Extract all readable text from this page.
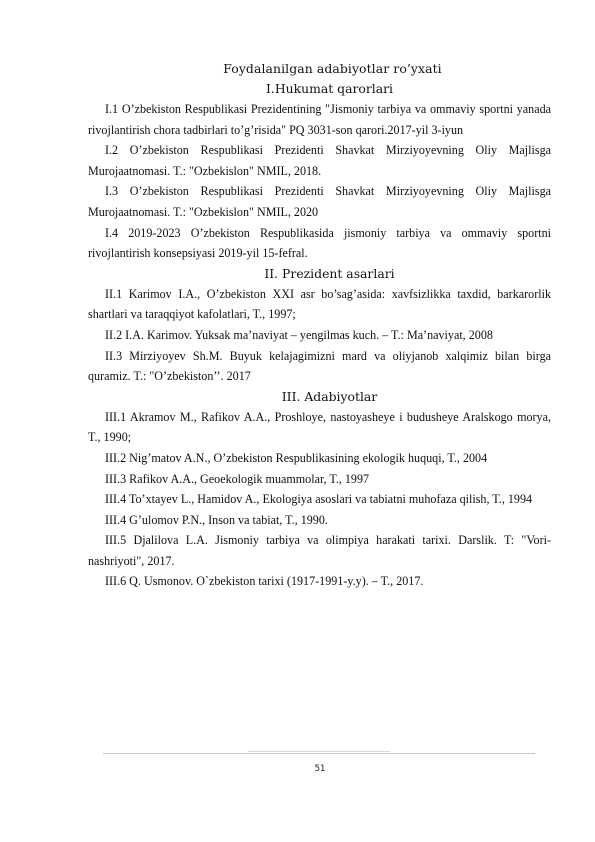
Foydalanilgan adabiyotlar ro’yxati
I.Hukumat qarorlari

I.1 O’zbekiston Respublikasi Prezidentining "Jismoniy tarbiya va ommaviy sportni yanada rivojlantirish chora tadbirlari to’g’risida" PQ 3031-son qarori.2017-yil 3-iyun

I.2 O’zbekiston Respublikasi Prezidenti Shavkat Mirziyoyevning Oliy Majlisga Murojaatnomasi. T.: "Ozbekislon" NMIL, 2018.

I.3 O’zbekiston Respublikasi Prezidenti Shavkat Mirziyoyevning Oliy Majlisga Murojaatnomasi. T.: "Ozbekislon" NMIL, 2020

I.4 2019-2023 O’zbekiston Respublikasida jismoniy tarbiya va ommaviy sportni rivojlantirish konsepsiyasi 2019-yil 15-fefral.

II. Prezident asarlari

II.1 Karimov I.A., O’zbekiston XXI asr bo’sag’asida: xavfsizlikka taxdid, barkarorlik shartlari va taraqqiyot kafolatlari, T., 1997;

II.2 I.A. Karimov. Yuksak ma’naviyat – yengilmas kuch. – T.: Ma’naviyat, 2008

II.3 Mirziyoyev Sh.M. Buyuk kelajagimizni mard va oliyjanob xalqimiz bilan birga quramiz. T.: "O’zbekiston’’. 2017

III. Adabiyotlar

III.1 Akramov M., Rafikov A.A., Proshloye, nastoyasheye i budusheye Aralskogo morya, T., 1990;

III.2 Nig’matov A.N., O’zbekiston Respublikasining ekologik huquqi, T., 2004

III.3 Rafikov A.A., Geoekologik muammolar, T., 1997

III.4 To’xtayev L., Hamidov A., Ekologiya asoslari va tabiatni muhofaza qilish, T., 1994

III.4 G’ulomov P.N., Inson va tabiat, T., 1990.

III.5 Djalilova L.A. Jismoniy tarbiya va olimpiya harakati tarixi. Darslik. T: "Vori-nashriyoti", 2017.

III.6 Q. Usmonov. O`zbekiston tarixi (1917-1991-y.y). – T., 2017.

51
